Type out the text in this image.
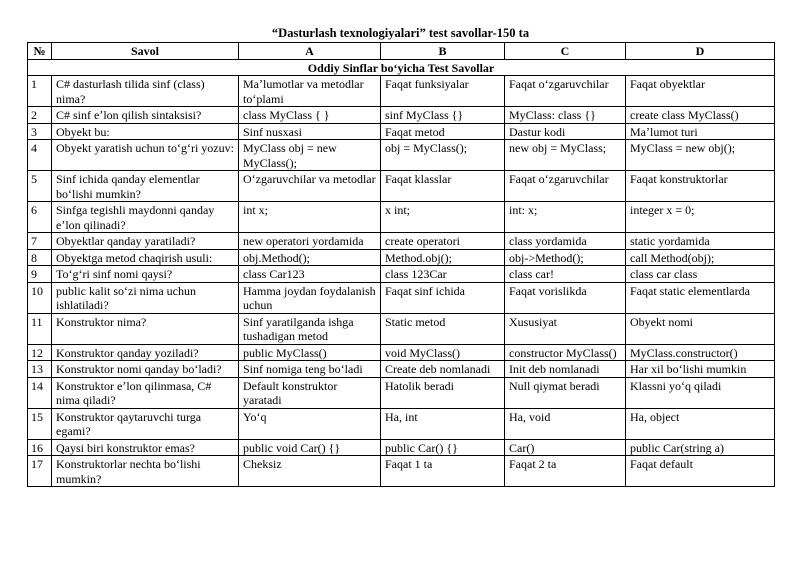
“Dasturlash texnologiyalari” test savollar-150 ta
№	Savol	A	B	C	D
Oddiy Sinflar boʻyicha Test Savollar					
1	C# dasturlash tilida sinf (class) nima?	Maʼlumotlar va metodlar toʻplami	Faqat funksiyalar	Faqat oʻzgaruvchilar	Faqat obyektlar
2	C# sinf eʼlon qilish sintaksisi?	class MyClass { }	sinf MyClass {}	MyClass: class {}	create class MyClass()
3	Obyekt bu:	Sinf nusxasi	Faqat metod	Dastur kodi	Maʼlumot turi
4	Obyekt yaratish uchun toʻgʻri yozuv:	MyClass obj = new MyClass();	obj = MyClass();	new obj = MyClass;	MyClass = new obj();
5	Sinf ichida qanday elementlar boʻlishi mumkin?	Oʻzgaruvchilar va metodlar	Faqat klasslar	Faqat oʻzgaruvchilar	Faqat konstruktorlar
6	Sinfga tegishli maydonni qanday eʼlon qilinadi?	int x;	x int;	int: x;	integer x = 0;
7	Obyektlar qanday yaratiladi?	new operatori yordamida	create operatori	class yordamida	static yordamida
8	Obyektga metod chaqirish usuli:	obj.Method();	Method.obj();	obj->Method();	call Method(obj);
9	Toʻgʻri sinf nomi qaysi?	class Car123	class 123Car	class car!	class car class
10	public kalit soʻzi nima uchun ishlatiladi?	Hamma joydan foydalanish uchun	Faqat sinf ichida	Faqat vorislikda	Faqat static elementlarda
11	Konstruktor nima?	Sinf yaratilganda ishga tushadigan metod	Static metod	Xususiyat	Obyekt nomi
12	Konstruktor qanday yoziladi?	public MyClass()	void MyClass()	constructor MyClass()	MyClass.constructor()
13	Konstruktor nomi qanday boʻladi?	Sinf nomiga teng boʻladi	Create deb nomlanadi	Init deb nomlanadi	Har xil boʻlishi mumkin
14	Konstruktor eʼlon qilinmasa, C# nima qiladi?	Default konstruktor yaratadi	Hatolik beradi	Null qiymat beradi	Klassni yoʻq qiladi
15	Konstruktor qaytaruvchi turga egami?	Yoʻq	Ha, int	Ha, void	Ha, object
16	Qaysi biri konstruktor emas?	public void Car() {}	public Car() {}	Car()	public Car(string a)
17	Konstruktorlar nechta boʻlishi mumkin?	Cheksiz	Faqat 1 ta	Faqat 2 ta	Faqat default
